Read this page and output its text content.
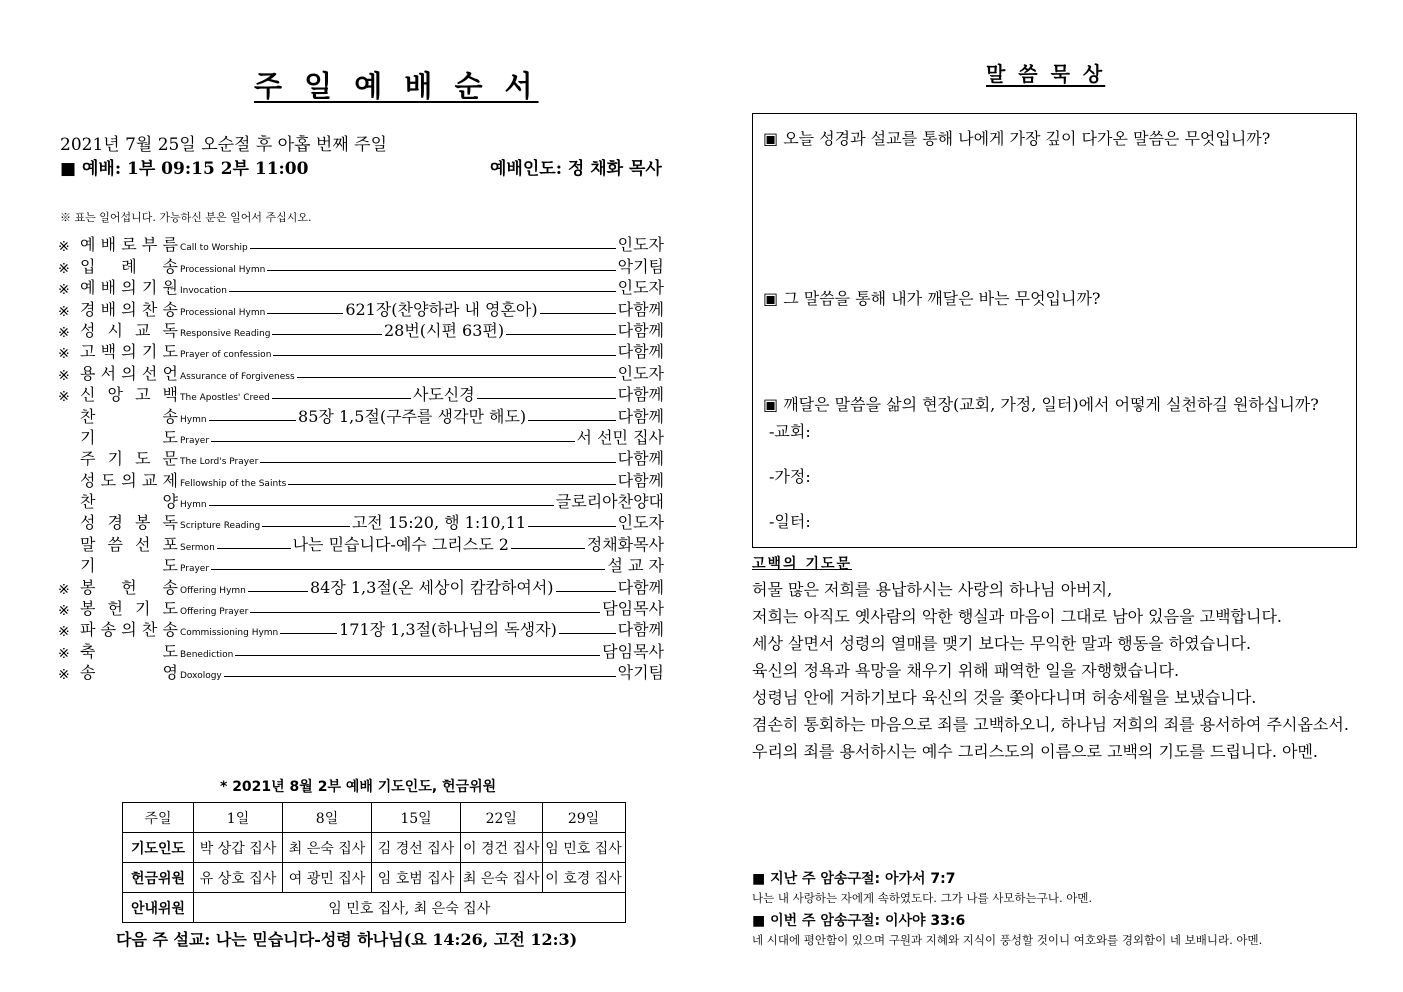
주 일 예 배 순 서
2021년 7월 25일 오순절 후 아홉 번째 주일
■ 예배: 1부 09:15 2부 11:00	예배인도: 정 채화 목사
※ 표는 일어섭니다. 가능하신 분은 일어서 주십시오.
※ 예 배 로 부 름 Call to Worship	인도자
※ 입 례 송 Processional Hymn	악기팀
※ 예 배 의 기 원 Invocation	인도자
※ 경 배 의 찬 송 Processional Hymn	621장(찬양하라 내 영혼아)	다함께
※ 성 시 교 독 Responsive Reading	28번(시편 63편)	다함께
※ 고 백 의 기 도 Prayer of confession	다함께
※ 용 서 의 선 언 Assurance of Forgiveness	인도자
※ 신 앙 고 백 The Apostles' Creed	사도신경	다함께
찬	송 Hymn	85장 1,5절(구주를 생각만 해도)	다함께
기	도 Prayer	서 선민 집사
주 기 도 문 The Lord's Prayer	다함께
성 도 의 교 제 Fellowship of the Saints	다함께
찬	양 Hymn	글로리아찬양대
성 경 봉 독 Scripture Reading	고전 15:20, 행 1:10,11	인도자
말 씀 선 포 Sermon	나는 믿습니다-예수 그리스도 2	정채화목사
기	도 Prayer	설 교 자
※ 봉 헌 송 Offering Hymn	84장 1,3절(온 세상이 캄캄하여서)	다함께
※ 봉 헌 기 도 Offering Prayer	담임목사
※ 파 송 의 찬 송 Commissioning Hymn	171장 1,3절(하나님의 독생자)	다함께
※ 축	도 Benediction	담임목사
※ 송	영 Doxology	악기팀
* 2021년 8월 2부 예배 기도인도, 헌금위원
주일	1일	8일	15일	22일	29일
기도인도	박 상갑 집사	최 은숙 집사	김 경선 집사	이 경건 집사	임 민호 집사
헌금위원	유 상호 집사	여 광민 집사	임 호범 집사	최 은숙 집사	이 호경 집사
안내위원	임 민호 집사, 최 은숙 집사				
다음 주 설교: 나는 믿습니다-성령 하나님(요 14:26, 고전 12:3)
말 씀 묵 상
▣ 오늘 성경과 설교를 통해 나에게 가장 깊이 다가온 말씀은 무엇입니까?
▣ 그 말씀을 통해 내가 깨달은 바는 무엇입니까?
▣ 깨달은 말씀을 삶의 현장(교회, 가정, 일터)에서 어떻게 실천하길 원하십니까?
-교회:
-가정:
-일터:
고백의 기도문
허물 많은 저희를 용납하시는 사랑의 하나님 아버지,
저희는 아직도 옛사람의 악한 행실과 마음이 그대로 남아 있음을 고백합니다.
세상 살면서 성령의 열매를 맺기 보다는 무익한 말과 행동을 하였습니다.
육신의 정욕과 욕망을 채우기 위해 패역한 일을 자행했습니다.
성령님 안에 거하기보다 육신의 것을 쫓아다니며 허송세월을 보냈습니다.
겸손히 통회하는 마음으로 죄를 고백하오니, 하나님 저희의 죄를 용서하여 주시옵소서.
우리의 죄를 용서하시는 예수 그리스도의 이름으로 고백의 기도를 드립니다. 아멘.
■ 지난 주 암송구절: 아가서 7:7
나는 내 사랑하는 자에게 속하였도다. 그가 나를 사모하는구나. 아멘.
■ 이번 주 암송구절: 이사야 33:6
네 시대에 평안함이 있으며 구원과 지혜와 지식이 풍성할 것이니 여호와를 경외함이 네 보배니라. 아멘.
